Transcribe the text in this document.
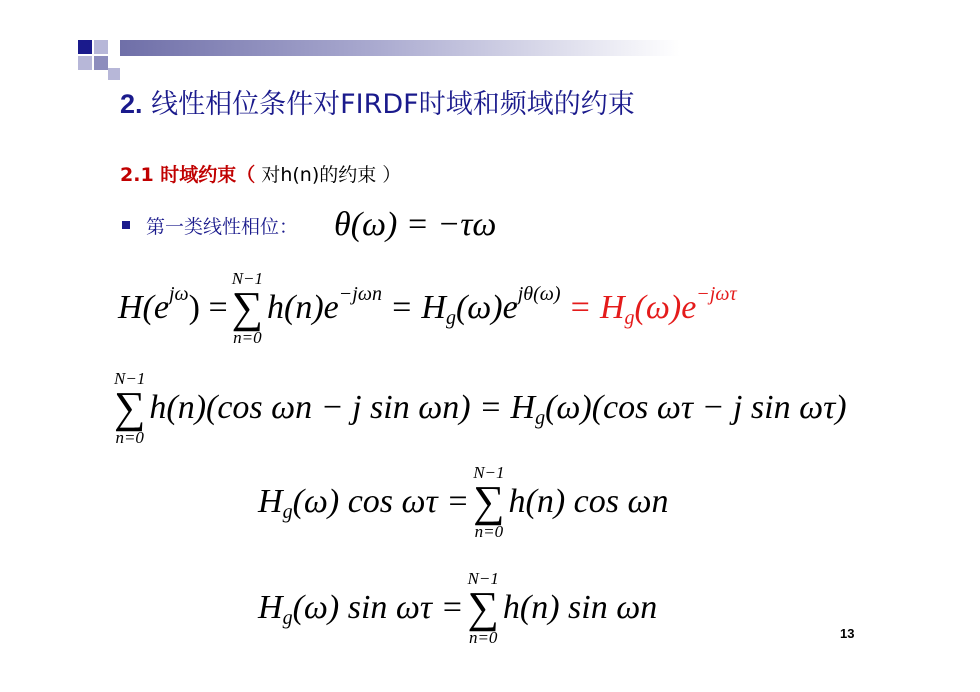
2. 线性相位条件对FIRDF时域和频域的约束
2.1 时域约束（ 对h(n)的约束 ）
第一类线性相位： θ(ω) = −τω
H(e jω ) =
N−1
∑
n=0
h(n)e −jωn = H g (ω)e jθ(ω) = H g (ω)e −jωτ
N−1
∑
n=0
h(n)(cos ωn − j sin ωn) = H g (ω)(cos ωτ − j sin ωτ)
H g (ω) cos ωτ =
N−1
∑
n=0
h(n) cos ωn
H g (ω) sin ωτ =
N−1
∑
n=0
h(n) sin ωn
13
